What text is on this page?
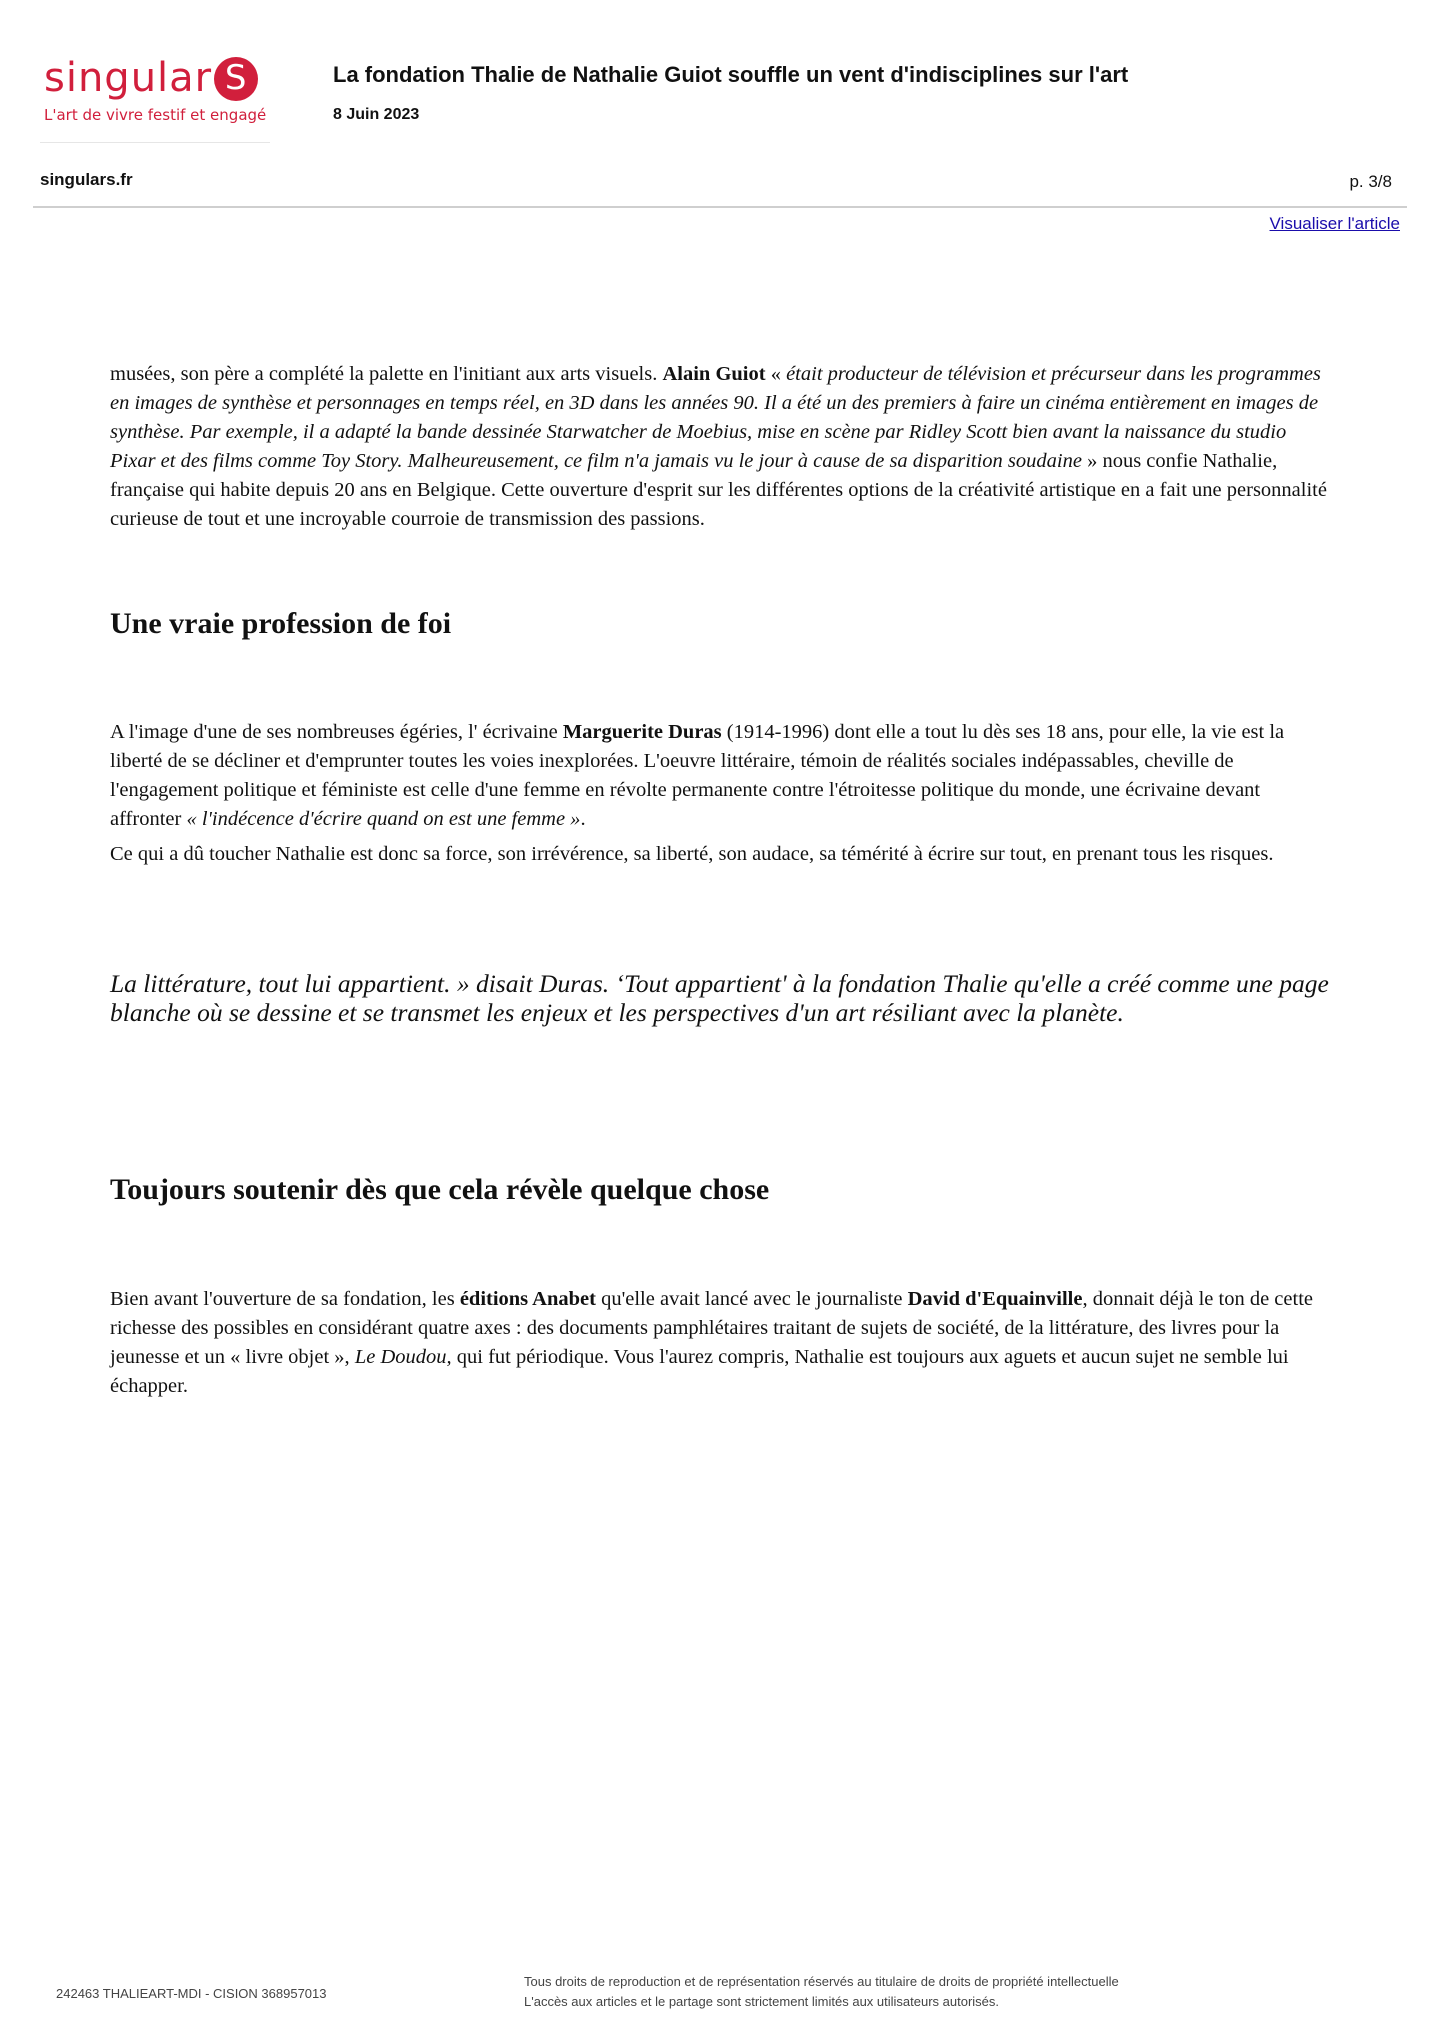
singular S
L'art de vivre festif et engagé
La fondation Thalie de Nathalie Guiot souffle un vent d'indisciplines sur l'art
8 Juin 2023
singulars.fr	p. 3/8
Visualiser l'article

musées, son père a complété la palette en l'initiant aux arts visuels. Alain Guiot « était producteur de télévision et précurseur dans les programmes en images de synthèse et personnages en temps réel, en 3D dans les années 90. Il a été un des premiers à faire un cinéma entièrement en images de synthèse. Par exemple, il a adapté la bande dessinée Starwatcher de Moebius, mise en scène par Ridley Scott bien avant la naissance du studio Pixar et des films comme Toy Story. Malheureusement, ce film n'a jamais vu le jour à cause de sa disparition soudaine » nous confie Nathalie, française qui habite depuis 20 ans en Belgique. Cette ouverture d'esprit sur les différentes options de la créativité artistique en a fait une personnalité curieuse de tout et une incroyable courroie de transmission des passions.

Une vraie profession de foi

A l'image d'une de ses nombreuses égéries, l' écrivaine Marguerite Duras (1914-1996) dont elle a tout lu dès ses 18 ans, pour elle, la vie est la liberté de se décliner et d'emprunter toutes les voies inexplorées. L'oeuvre littéraire, témoin de réalités sociales indépassables, cheville de l'engagement politique et féministe est celle d'une femme en révolte permanente contre l'étroitesse politique du monde, une écrivaine devant affronter « l'indécence d'écrire quand on est une femme ».

Ce qui a dû toucher Nathalie est donc sa force, son irrévérence, sa liberté, son audace, sa témérité à écrire sur tout, en prenant tous les risques.

La littérature, tout lui appartient. » disait Duras. ‘Tout appartient' à la fondation Thalie qu'elle a créé comme une page blanche où se dessine et se transmet les enjeux et les perspectives d'un art résiliant avec la planète.

Toujours soutenir dès que cela révèle quelque chose

Bien avant l'ouverture de sa fondation, les éditions Anabet qu'elle avait lancé avec le journaliste David d'Equainville, donnait déjà le ton de cette richesse des possibles en considérant quatre axes : des documents pamphlétaires traitant de sujets de société, de la littérature, des livres pour la jeunesse et un « livre objet », Le Doudou, qui fut périodique. Vous l'aurez compris, Nathalie est toujours aux aguets et aucun sujet ne semble lui échapper.

242463 THALIEART-MDI - CISION 368957013
Tous droits de reproduction et de représentation réservés au titulaire de droits de propriété intellectuelle
L'accès aux articles et le partage sont strictement limités aux utilisateurs autorisés.
